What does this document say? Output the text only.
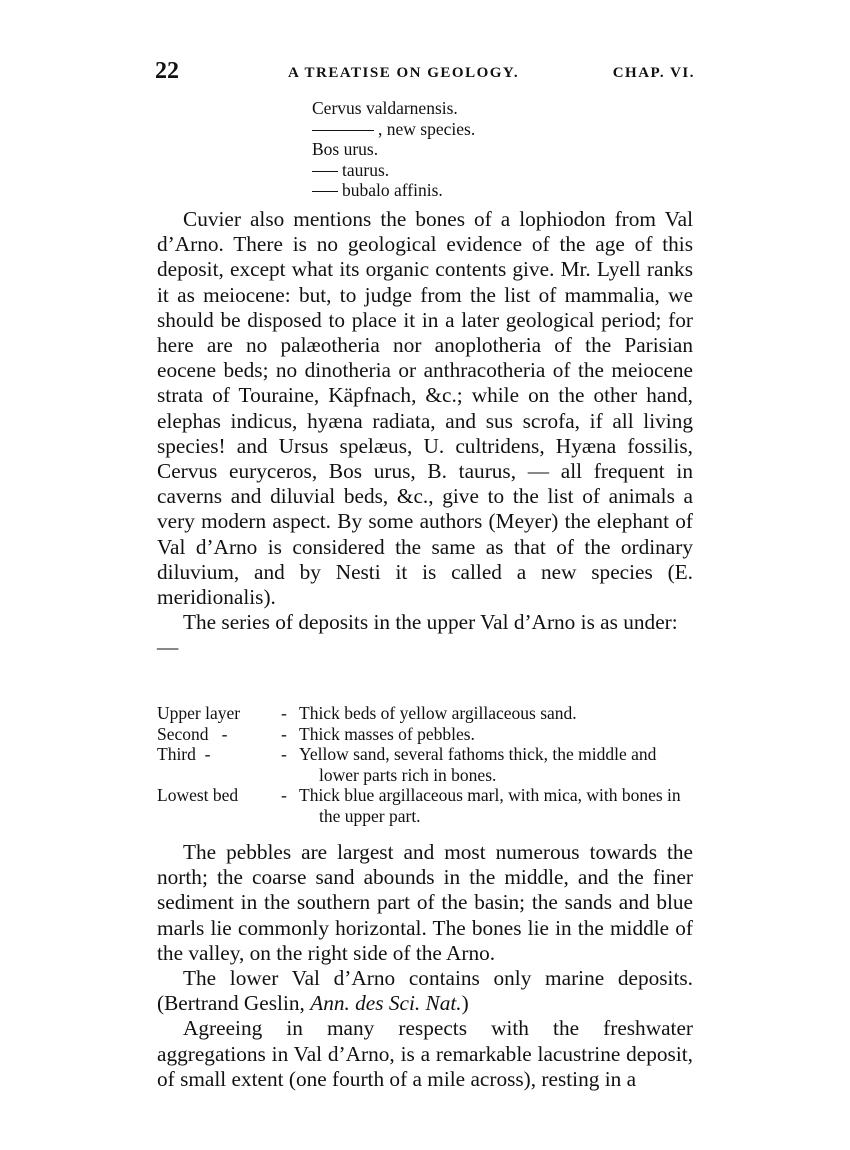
22	A TREATISE ON GEOLOGY.	CHAP. VI.
Cervus valdarnensis.
, new species.
Bos urus.
taurus.
bubalo affinis.

Cuvier also mentions the bones of a lophiodon from Val d’Arno. There is no geological evidence of the age of this deposit, except what its organic contents give. Mr. Lyell ranks it as meiocene: but, to judge from the list of mammalia, we should be disposed to place it in a later geological period; for here are no palæotheria nor anoplotheria of the Parisian eocene beds; no dinotheria or anthracotheria of the meiocene strata of Touraine, Käpfnach, &c.; while on the other hand, elephas indicus, hyæna radiata, and sus scrofa, if all living species! and Ursus spelæus, U. cultridens, Hyæna fossilis, Cervus euryceros, Bos urus, B. taurus, — all frequent in caverns and diluvial beds, &c., give to the list of animals a very modern aspect. By some authors (Meyer) the elephant of Val d’Arno is considered the same as that of the ordinary diluvium, and by Nesti it is called a new species (E. meridionalis).

The series of deposits in the upper Val d’Arno is as under: —

Upper layer	- Thick beds of yellow argillaceous sand.
Second   -	- Thick masses of pebbles.
Third  -	- Yellow sand, several fathoms thick, the middle and lower parts rich in bones.
Lowest bed	- Thick blue argillaceous marl, with mica, with bones in the upper part.

The pebbles are largest and most numerous towards the north; the coarse sand abounds in the middle, and the finer sediment in the southern part of the basin; the sands and blue marls lie commonly horizontal. The bones lie in the middle of the valley, on the right side of the Arno.

The lower Val d’Arno contains only marine deposits. (Bertrand Geslin, Ann. des Sci. Nat.)

Agreeing in many respects with the freshwater aggregations in Val d’Arno, is a remarkable lacustrine deposit, of small extent (one fourth of a mile across), resting in a
